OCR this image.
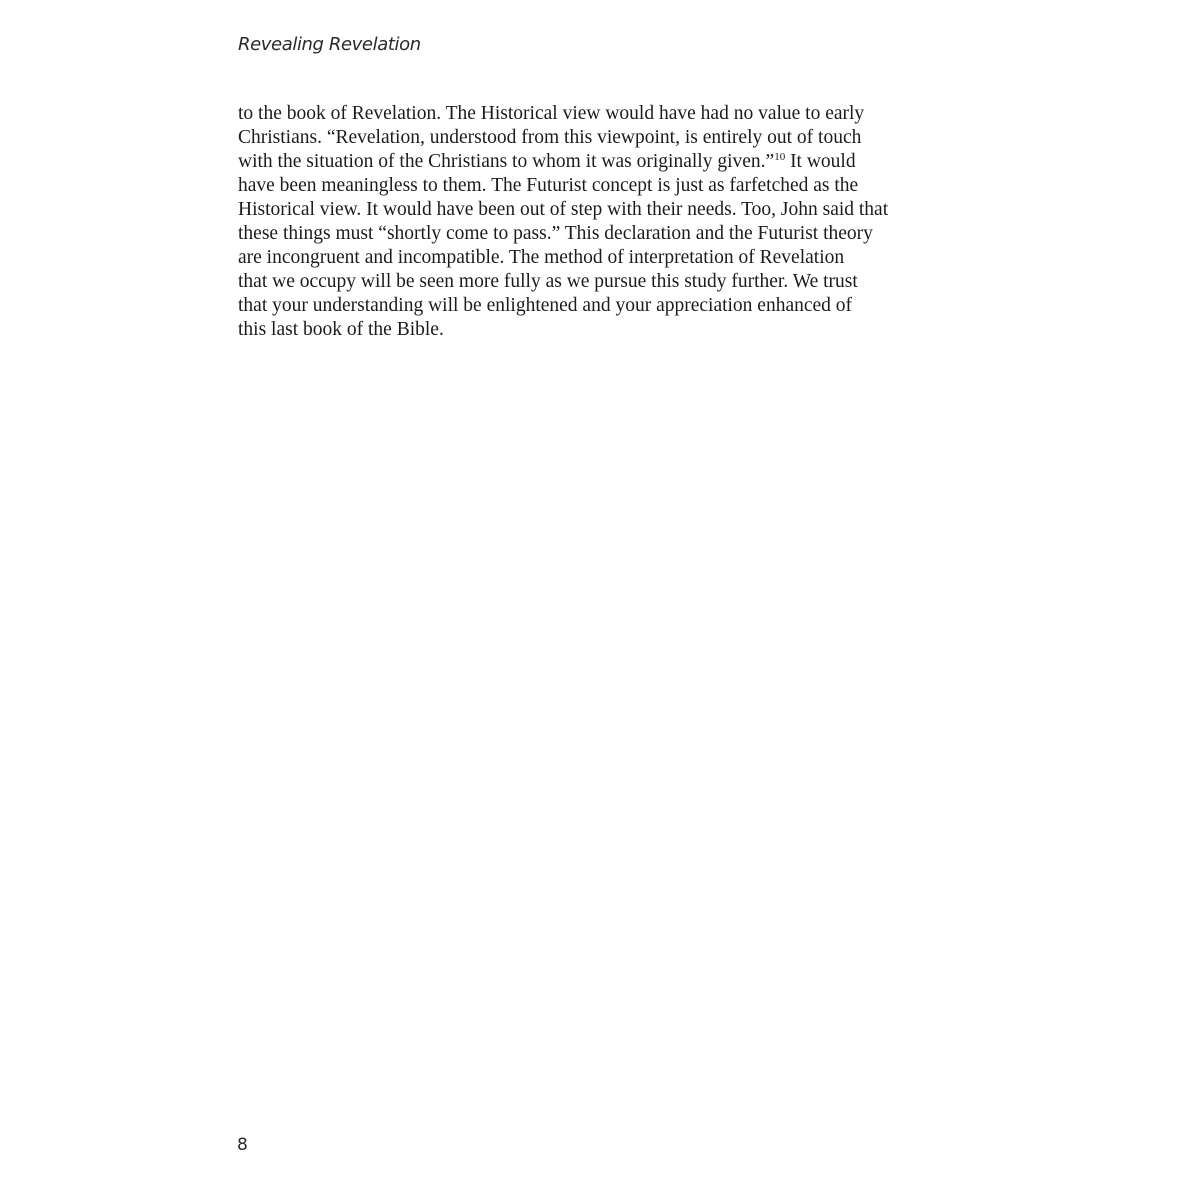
Revealing Revelation
to the book of Revelation. The Historical view would have had no value to early
Christians. “Revelation, understood from this viewpoint, is entirely out of touch
with the situation of the Christians to whom it was originally given.”$^{10}$ It would
have been meaningless to them. The Futurist concept is just as farfetched as the
Historical view. It would have been out of step with their needs. Too, John said that
these things must “shortly come to pass.” This declaration and the Futurist theory
are incongruent and incompatible. The method of interpretation of Revelation
that we occupy will be seen more fully as we pursue this study further. We trust
that your understanding will be enlightened and your appreciation enhanced of
this last book of the Bible.
8
